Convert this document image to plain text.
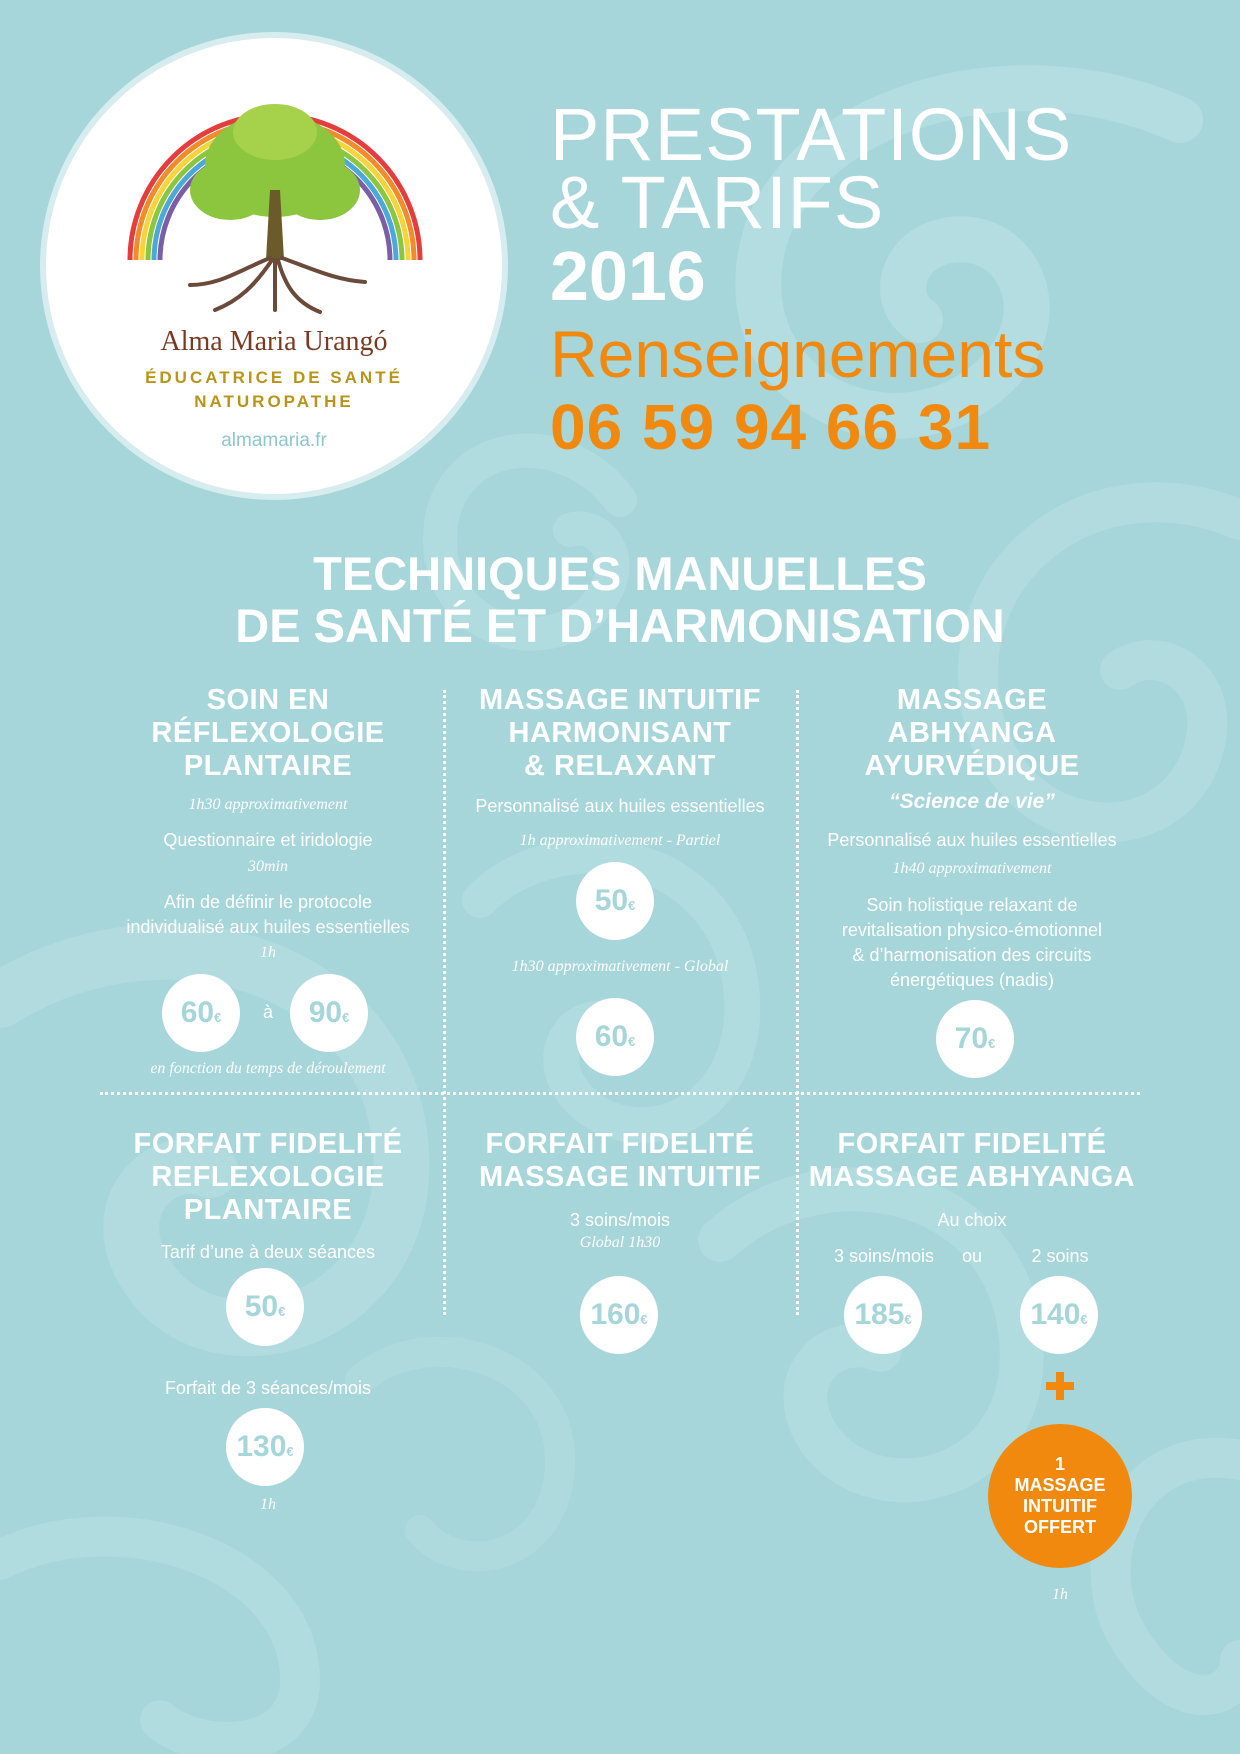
Alma Maria Urangó
ÉDUCATRICE DE SANTÉ
NATUROPATHE
almamaria.fr
PRESTATIONS
& TARIFS
2016
Renseignements
06 59 94 66 31
TECHNIQUES MANUELLES
DE SANTÉ ET D’HARMONISATION
SOIN EN
RÉFLEXOLOGIE
PLANTAIRE
1h30 approximativement
Questionnaire et iridologie
30min
Afin de définir le protocole
individualisé aux huiles essentielles
1h
60€	à	90€
en fonction du temps de déroulement
MASSAGE INTUITIF
HARMONISANT
& RELAXANT
Personnalisé aux huiles essentielles
1h approximativement - Partiel
50€
1h30 approximativement - Global
60€
MASSAGE
ABHYANGA
AYURVÉDIQUE
“Science de vie”
Personnalisé aux huiles essentielles
1h40 approximativement
Soin holistique relaxant de
revitalisation physico-émotionnel
& d’harmonisation des circuits
énergétiques (nadis)
70€
FORFAIT FIDELITÉ
REFLEXOLOGIE
PLANTAIRE
Tarif d’une à deux séances
50€
Forfait de 3 séances/mois
130€
1h
FORFAIT FIDELITÉ
MASSAGE INTUITIF
3 soins/mois
Global 1h30
160€
FORFAIT FIDELITÉ
MASSAGE ABHYANGA
Au choix
3 soins/mois	ou	2 soins
185€	140€
1
MASSAGE
INTUITIF
OFFERT
1h
